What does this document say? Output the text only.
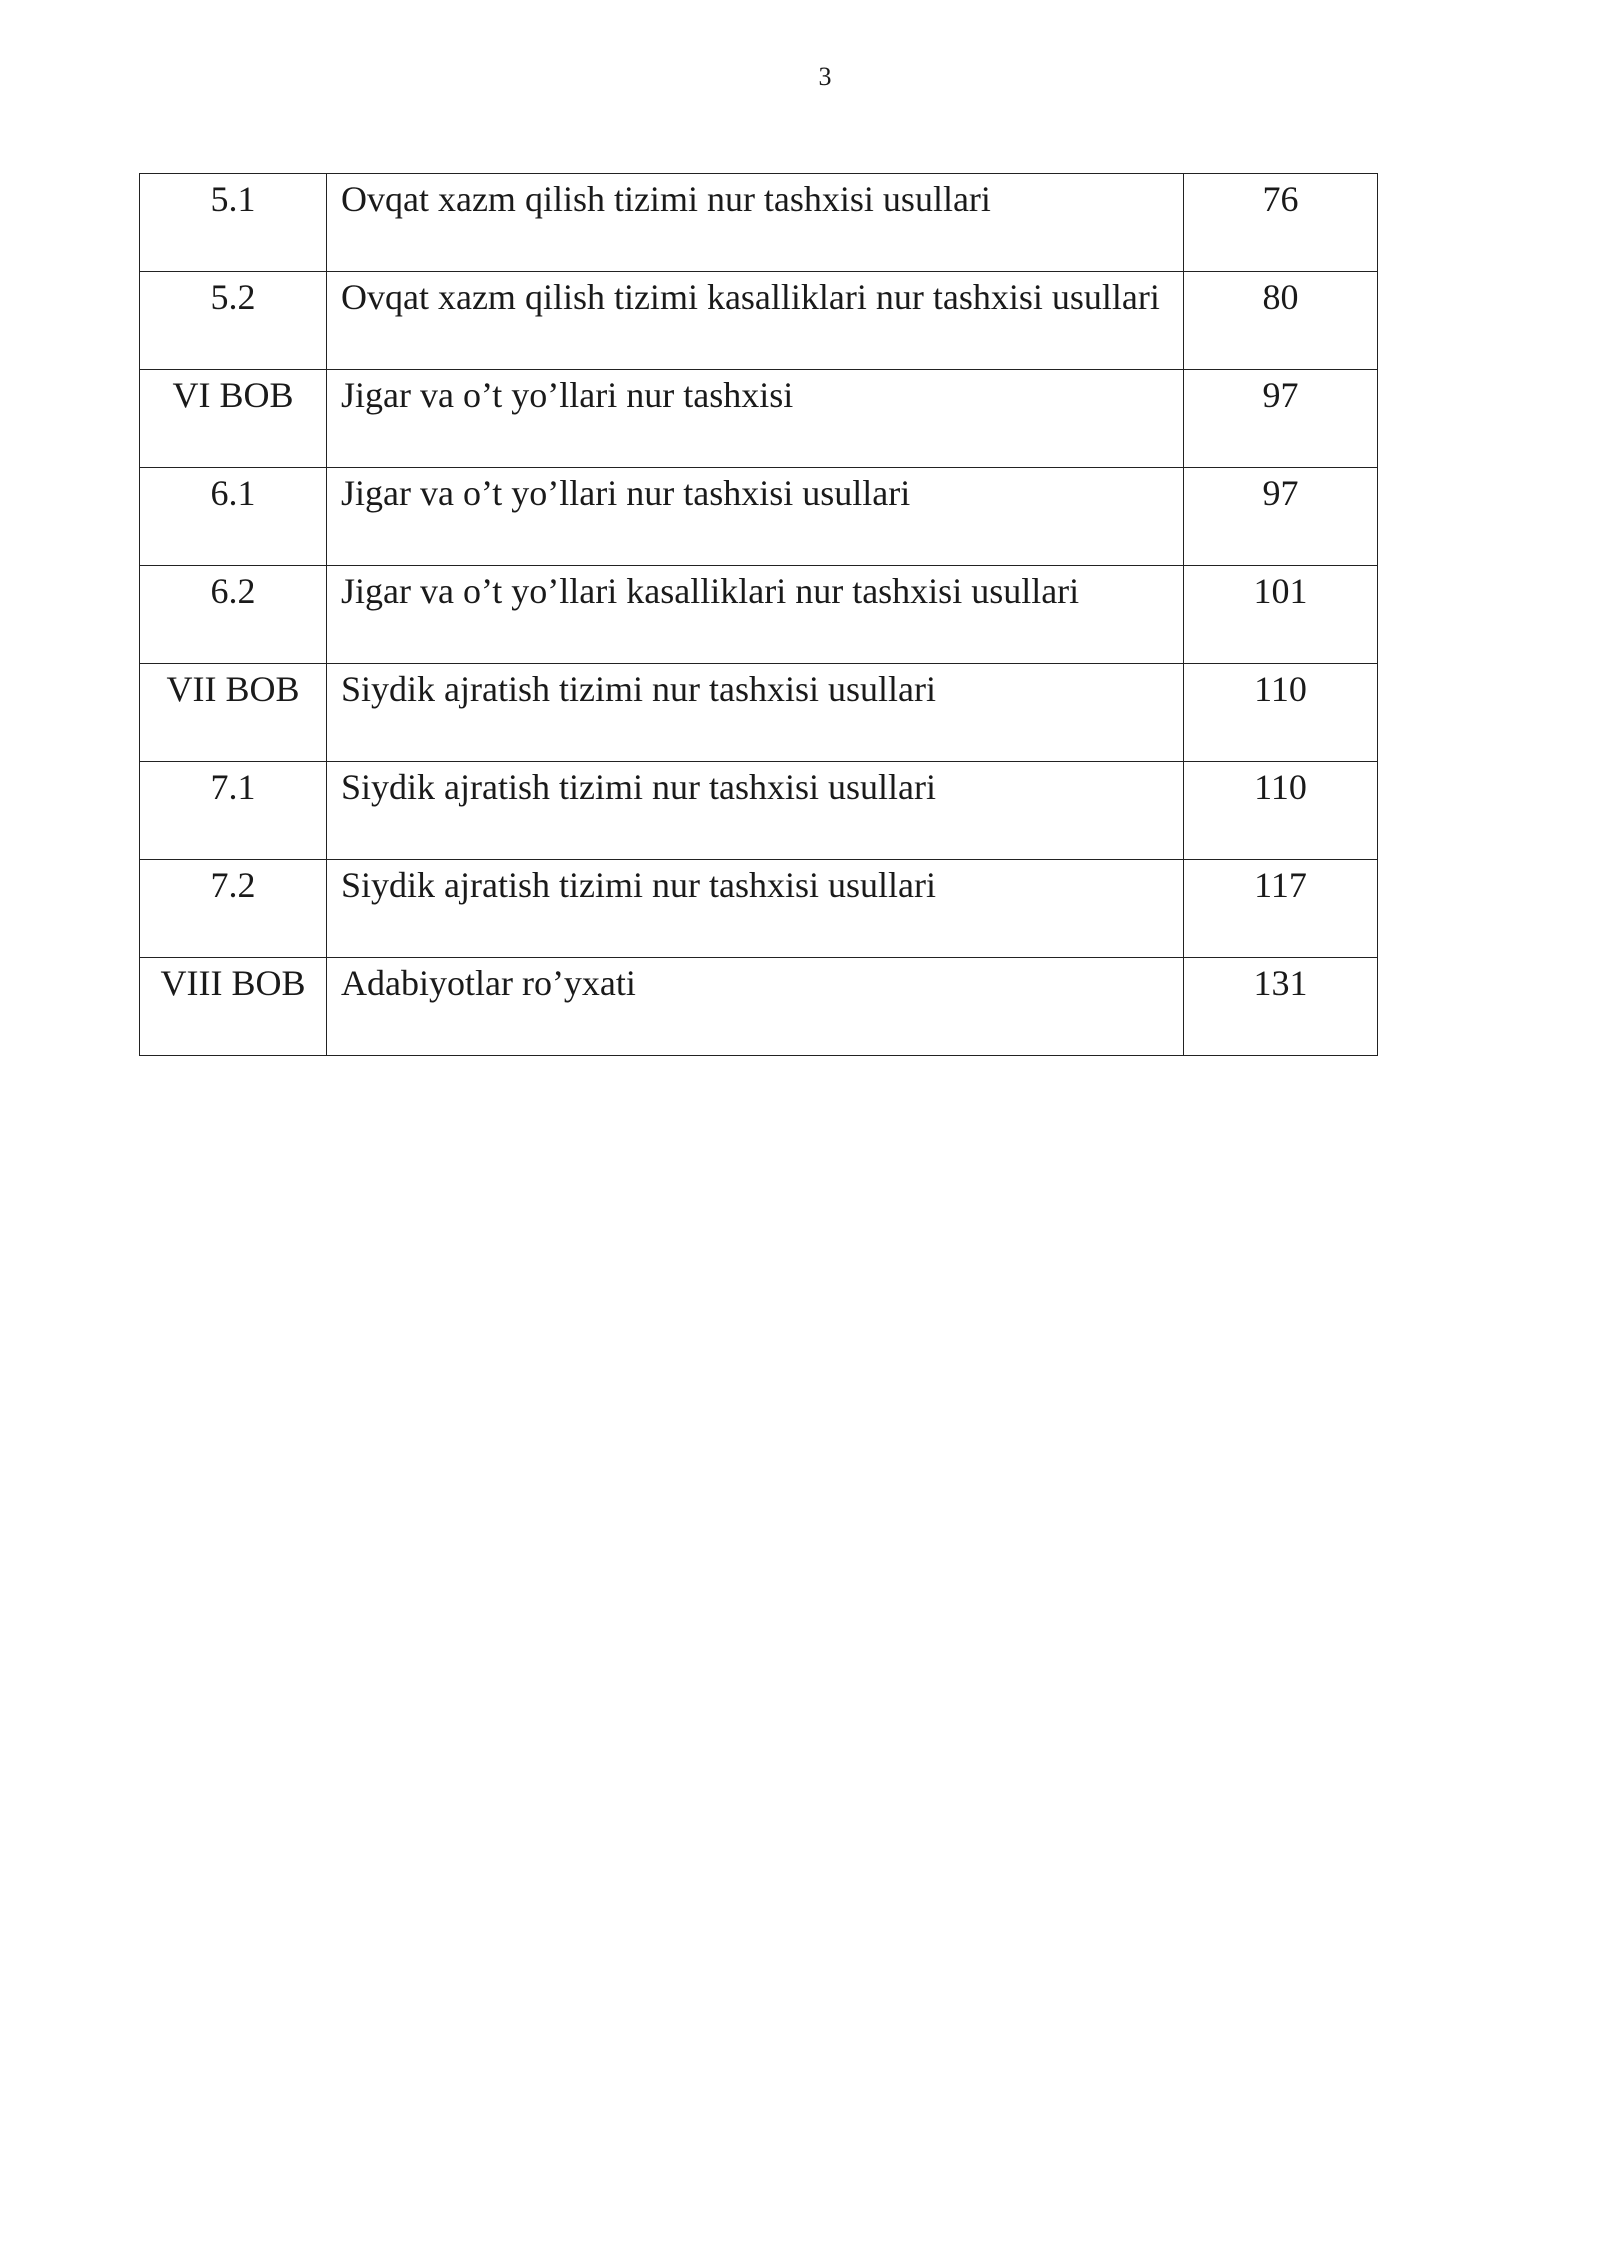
3
5.1	Ovqat xazm qilish tizimi nur tashxisi usullari	76
5.2	Ovqat xazm qilish tizimi kasalliklari nur tashxisi usullari	80
VI BOB	Jigar va o’t yo’llari nur tashxisi	97
6.1	Jigar va o’t yo’llari nur tashxisi usullari	97
6.2	Jigar va o’t yo’llari kasalliklari nur tashxisi usullari	101
VII BOB	Siydik ajratish tizimi nur tashxisi usullari	110
7.1	Siydik ajratish tizimi nur tashxisi usullari	110
7.2	Siydik ajratish tizimi nur tashxisi usullari	117
VIII BOB	Adabiyotlar ro’yxati	131
